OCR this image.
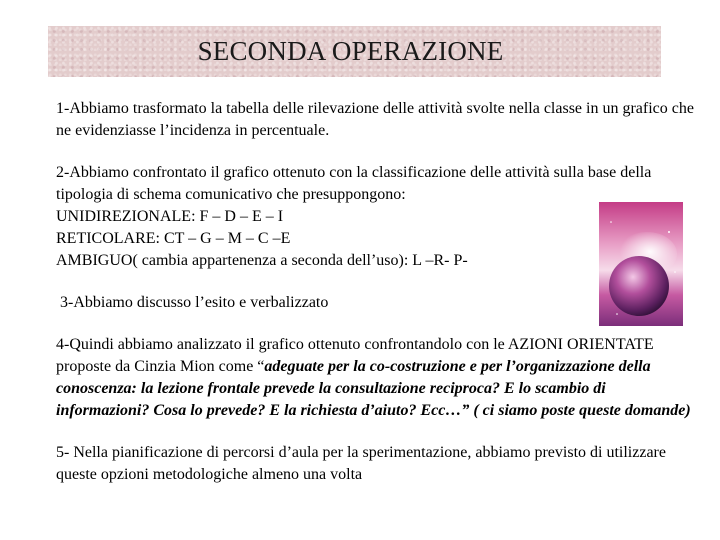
SECONDA OPERAZIONE

1-Abbiamo trasformato la tabella delle rilevazione delle attività svolte nella classe in un grafico che ne evidenziasse l’incidenza in percentuale.

2-Abbiamo confrontato il grafico ottenuto con la classificazione delle attività sulla base della tipologia di schema comunicativo che presuppongono:
UNIDIREZIONALE: F – D – E – I
RETICOLARE: CT – G – M – C –E
AMBIGUO( cambia appartenenza a seconda dell’uso): L –R- P-

3-Abbiamo discusso l’esito e verbalizzato

4-Quindi abbiamo analizzato il grafico ottenuto confrontandolo con le AZIONI ORIENTATE proposte da Cinzia Mion come “adeguate per la co-costruzione e per l’organizzazione della conoscenza: la lezione frontale prevede la consultazione reciproca? E lo scambio di informazioni? Cosa lo prevede? E la richiesta d’aiuto? Ecc…” ( ci siamo poste queste domande)

5- Nella pianificazione di percorsi d’aula per la sperimentazione, abbiamo previsto di utilizzare queste opzioni metodologiche almeno una volta
